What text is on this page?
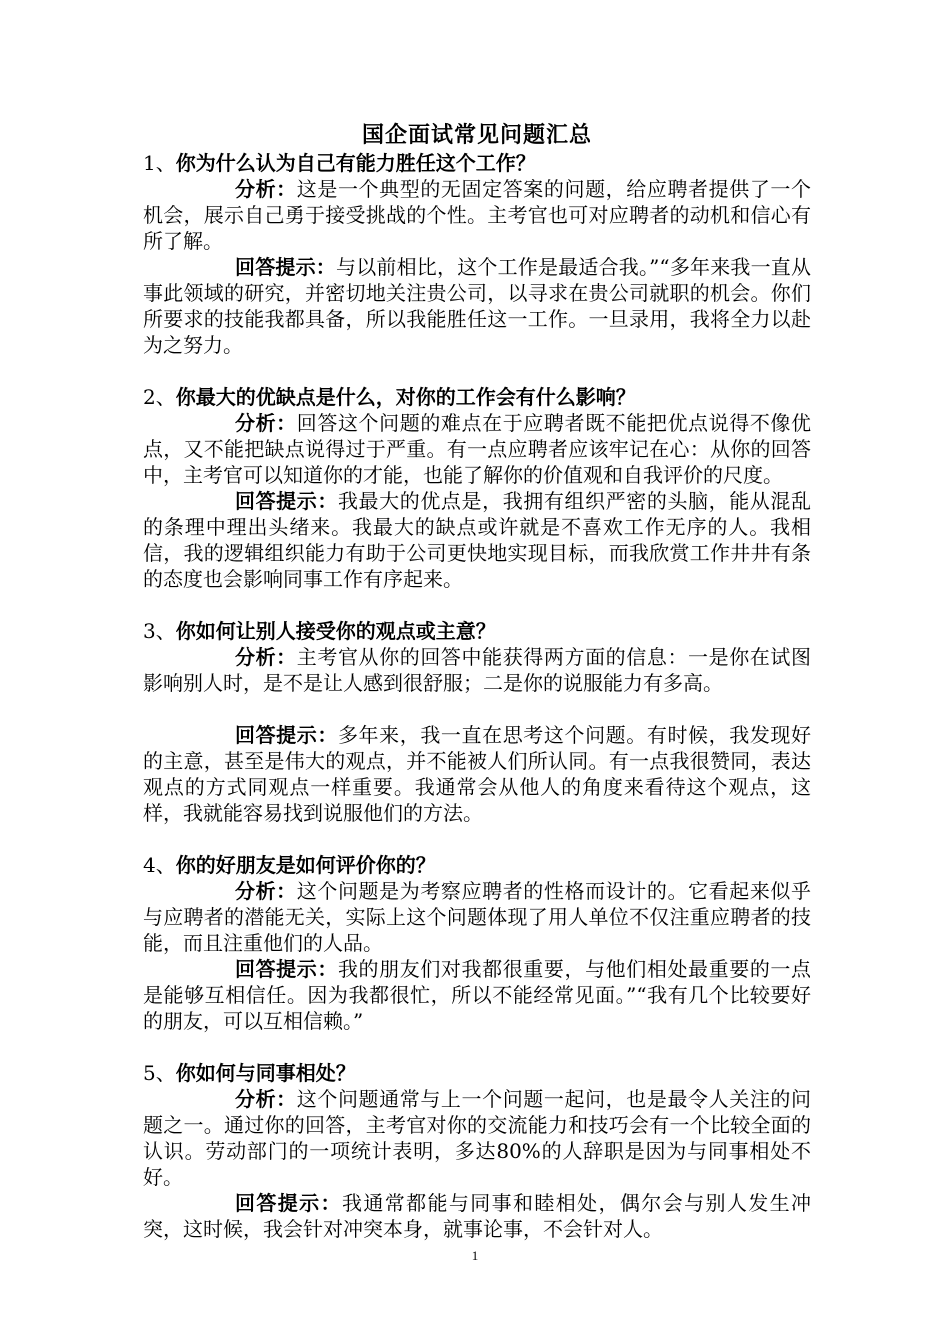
国企面试常见问题汇总
1、你为什么认为自己有能力胜任这个工作？

分析：这是一个典型的无固定答案的问题，给应聘者提供了一个机会，展示自己勇于接受挑战的个性。主考官也可对应聘者的动机和信心有所了解。

回答提示：与以前相比，这个工作是最适合我。”“多年来我一直从事此领域的研究，并密切地关注贵公司，以寻求在贵公司就职的机会。你们所要求的技能我都具备，所以我能胜任这一工作。一旦录用，我将全力以赴为之努力。

2、你最大的优缺点是什么，对你的工作会有什么影响？

分析：回答这个问题的难点在于应聘者既不能把优点说得不像优点，又不能把缺点说得过于严重。有一点应聘者应该牢记在心：从你的回答中，主考官可以知道你的才能，也能了解你的价值观和自我评价的尺度。

回答提示：我最大的优点是，我拥有组织严密的头脑，能从混乱的条理中理出头绪来。我最大的缺点或许就是不喜欢工作无序的人。我相信，我的逻辑组织能力有助于公司更快地实现目标，而我欣赏工作井井有条的态度也会影响同事工作有序起来。

3、你如何让别人接受你的观点或主意？

分析：主考官从你的回答中能获得两方面的信息：一是你在试图影响别人时，是不是让人感到很舒服；二是你的说服能力有多高。

回答提示：多年来，我一直在思考这个问题。有时候，我发现好的主意，甚至是伟大的观点，并不能被人们所认同。有一点我很赞同，表达观点的方式同观点一样重要。我通常会从他人的角度来看待这个观点，这样，我就能容易找到说服他们的方法。

4、你的好朋友是如何评价你的？

分析：这个问题是为考察应聘者的性格而设计的。它看起来似乎与应聘者的潜能无关，实际上这个问题体现了用人单位不仅注重应聘者的技能，而且注重他们的人品。

回答提示：我的朋友们对我都很重要，与他们相处最重要的一点是能够互相信任。因为我都很忙，所以不能经常见面。”“我有几个比较要好的朋友，可以互相信赖。”

5、你如何与同事相处？

分析：这个问题通常与上一个问题一起问，也是最令人关注的问题之一。通过你的回答，主考官对你的交流能力和技巧会有一个比较全面的认识。劳动部门的一项统计表明，多达80%的人辞职是因为与同事相处不好。

回答提示：我通常都能与同事和睦相处，偶尔会与别人发生冲突，这时候，我会针对冲突本身，就事论事，不会针对人。

1
